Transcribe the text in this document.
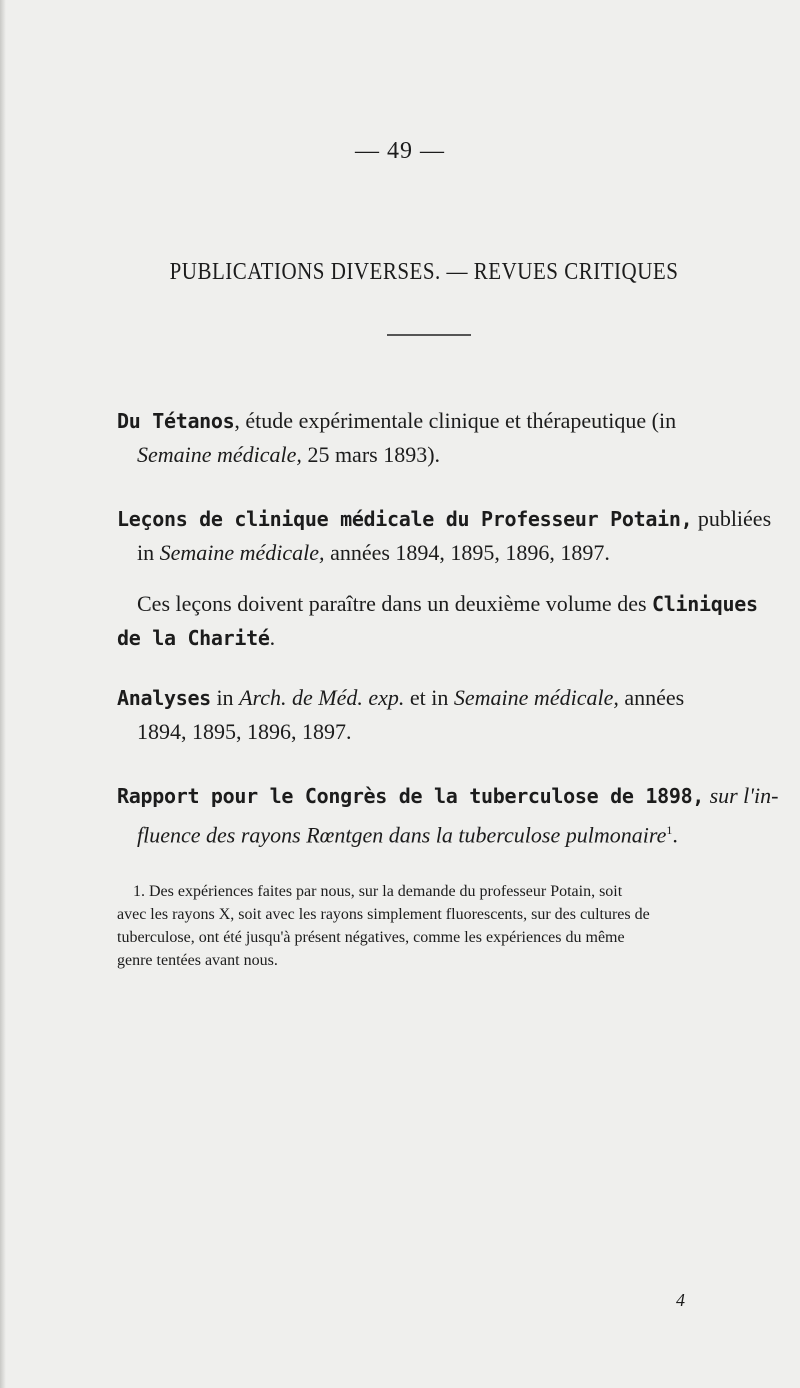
— 49 —
PUBLICATIONS DIVERSES. — REVUES CRITIQUES
Du Tétanos, étude expérimentale clinique et thérapeutique (in
Semaine médicale, 25 mars 1893).
Leçons de clinique médicale du Professeur Potain, publiées
in Semaine médicale, années 1894, 1895, 1896, 1897.
Ces leçons doivent paraître dans un deuxième volume des Cliniques
de la Charité.
Analyses in Arch. de Méd. exp. et in Semaine médicale, années
1894, 1895, 1896, 1897.
Rapport pour le Congrès de la tuberculose de 1898, sur l'in-
fluence des rayons Rœntgen dans la tuberculose pulmonaire$^1$.
1. Des expériences faites par nous, sur la demande du professeur Potain, soit
avec les rayons X, soit avec les rayons simplement fluorescents, sur des cultures de
tuberculose, ont été jusqu'à présent négatives, comme les expériences du même
genre tentées avant nous.
4
